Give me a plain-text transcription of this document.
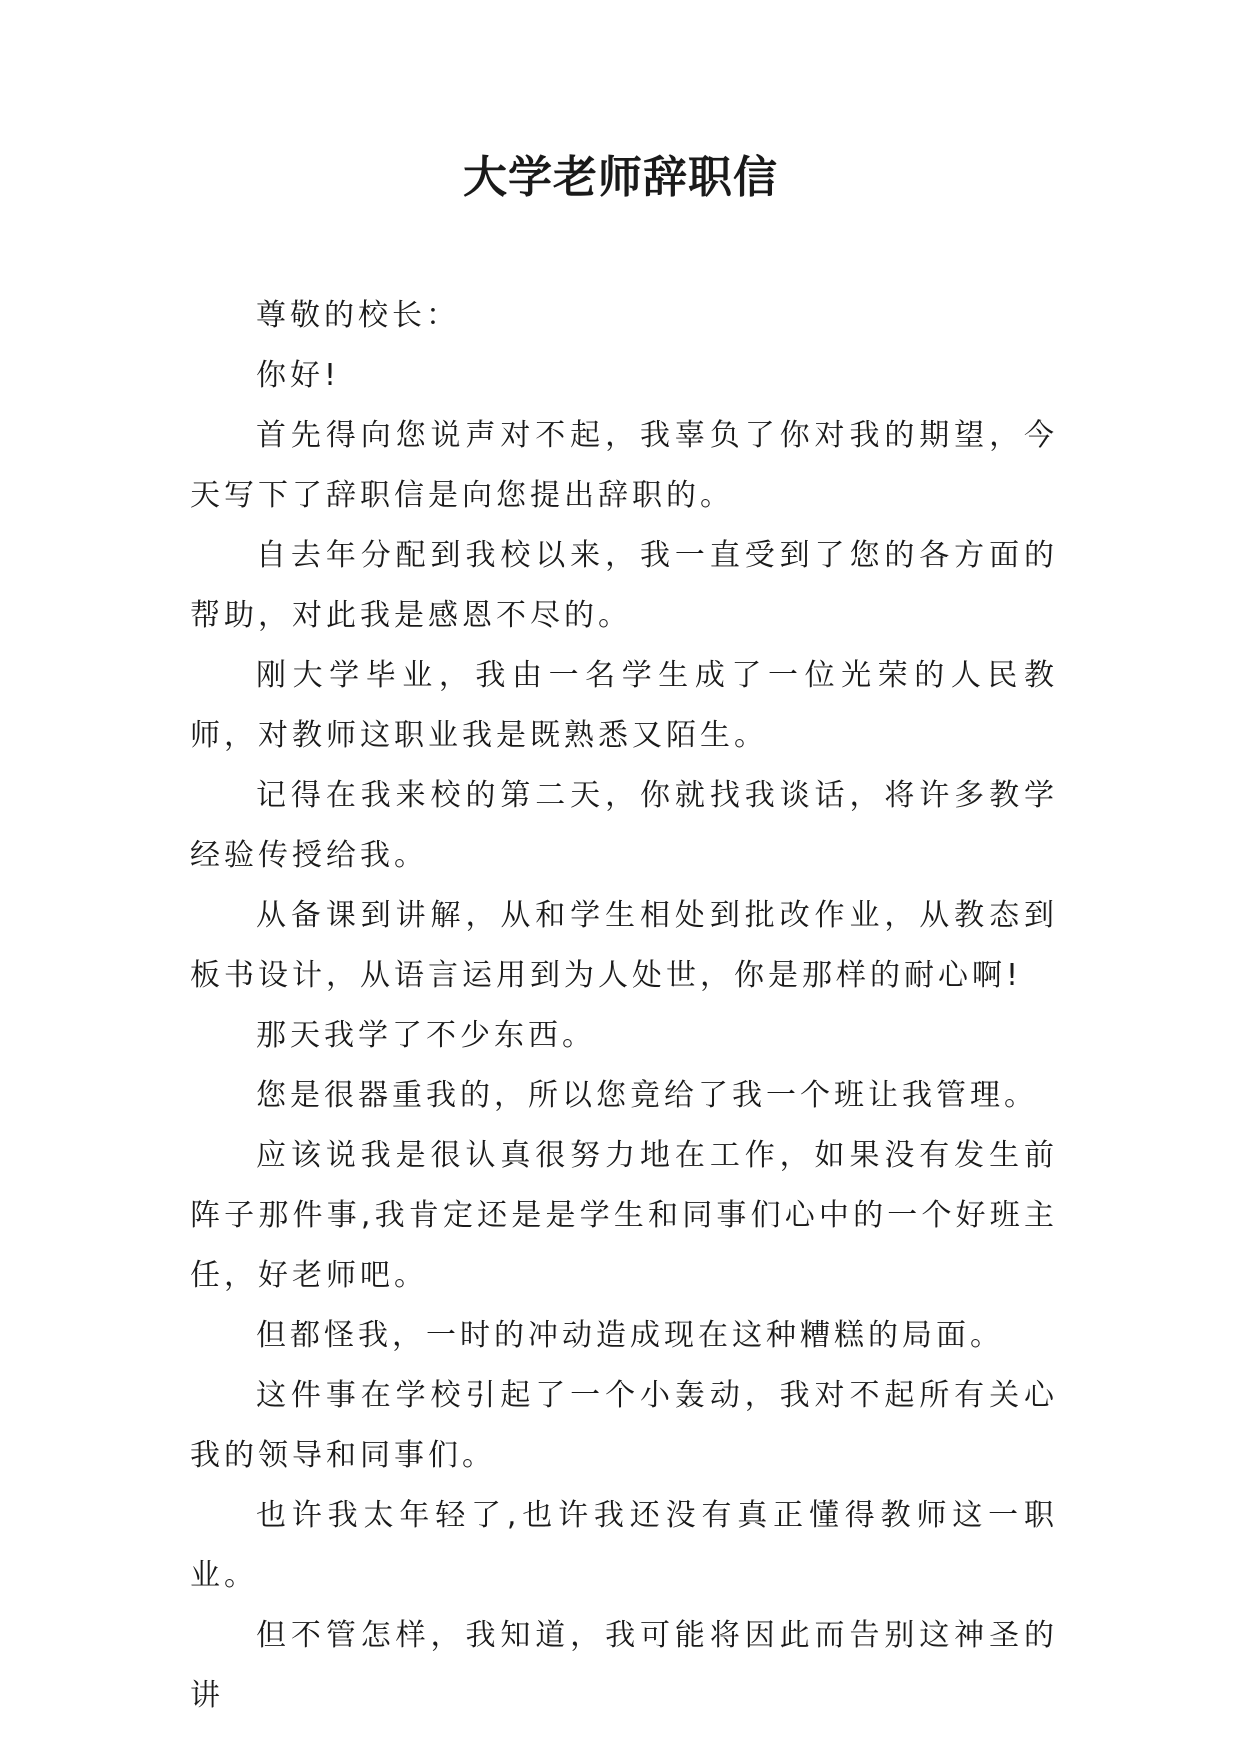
大学老师辞职信

尊敬的校长：

你好!

首先得向您说声对不起，我辜负了你对我的期望，今天写下了辞职信是向您提出辞职的。

自去年分配到我校以来，我一直受到了您的各方面的帮助，对此我是感恩不尽的。

刚大学毕业，我由一名学生成了一位光荣的人民教师，对教师这职业我是既熟悉又陌生。

记得在我来校的第二天，你就找我谈话，将许多教学经验传授给我。

从备课到讲解，从和学生相处到批改作业，从教态到板书设计，从语言运用到为人处世，你是那样的耐心啊!

那天我学了不少东西。

您是很器重我的，所以您竟给了我一个班让我管理。

应该说我是很认真很努力地在工作，如果没有发生前阵子那件事,我肯定还是是学生和同事们心中的一个好班主任，好老师吧。

但都怪我，一时的冲动造成现在这种糟糕的局面。

这件事在学校引起了一个小轰动，我对不起所有关心我的领导和同事们。

也许我太年轻了,也许我还没有真正懂得教师这一职业。

但不管怎样，我知道，我可能将因此而告别这神圣的讲
